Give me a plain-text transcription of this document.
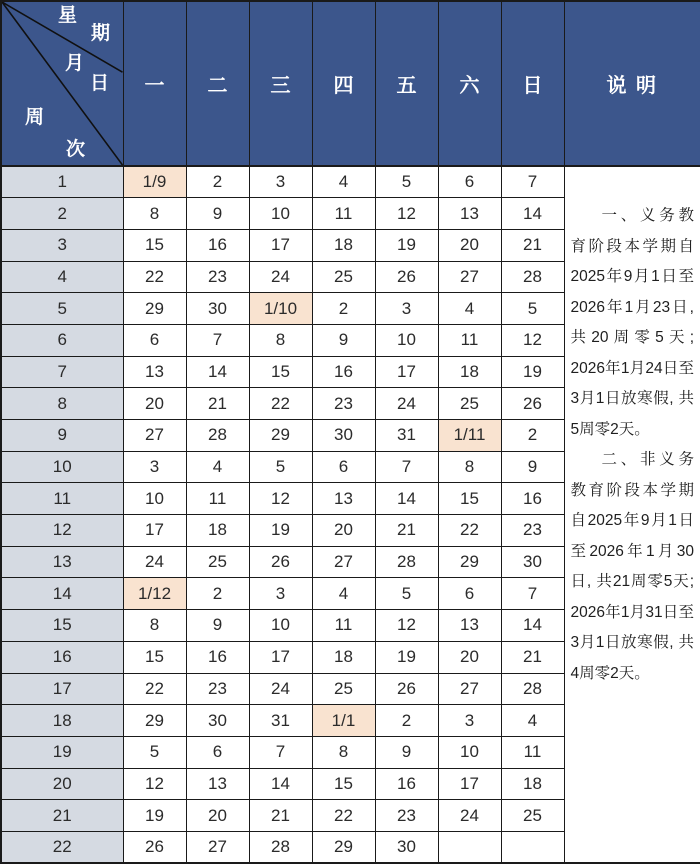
星
期
月
日
周
次
	一	二	三	四	五	六	日	说 明
1	1/9	2	3	4	5	6	7	一、义务教育阶段本学期自2025年9月1日至2026年1月23日, 共20周零5天; 2026年1月24日至3月1日放寒假, 共5周零2天。

二、非义务教育阶段本学期自2025年9月1日至2026年1月30日, 共21周零5天; 2026年1月31日至3月1日放寒假, 共4周零2天。

2	8	9	10	11	12	13	14	
3	15	16	17	18	19	20	21	
4	22	23	24	25	26	27	28	
5	29	30	1/10	2	3	4	5	
6	6	7	8	9	10	11	12	
7	13	14	15	16	17	18	19	
8	20	21	22	23	24	25	26	
9	27	28	29	30	31	1/11	2	
10	3	4	5	6	7	8	9	
11	10	11	12	13	14	15	16	
12	17	18	19	20	21	22	23	
13	24	25	26	27	28	29	30	
14	1/12	2	3	4	5	6	7	
15	8	9	10	11	12	13	14	
16	15	16	17	18	19	20	21	
17	22	23	24	25	26	27	28	
18	29	30	31	1/1	2	3	4	
19	5	6	7	8	9	10	11	
20	12	13	14	15	16	17	18	
21	19	20	21	22	23	24	25	
22	26	27	28	29	30			
